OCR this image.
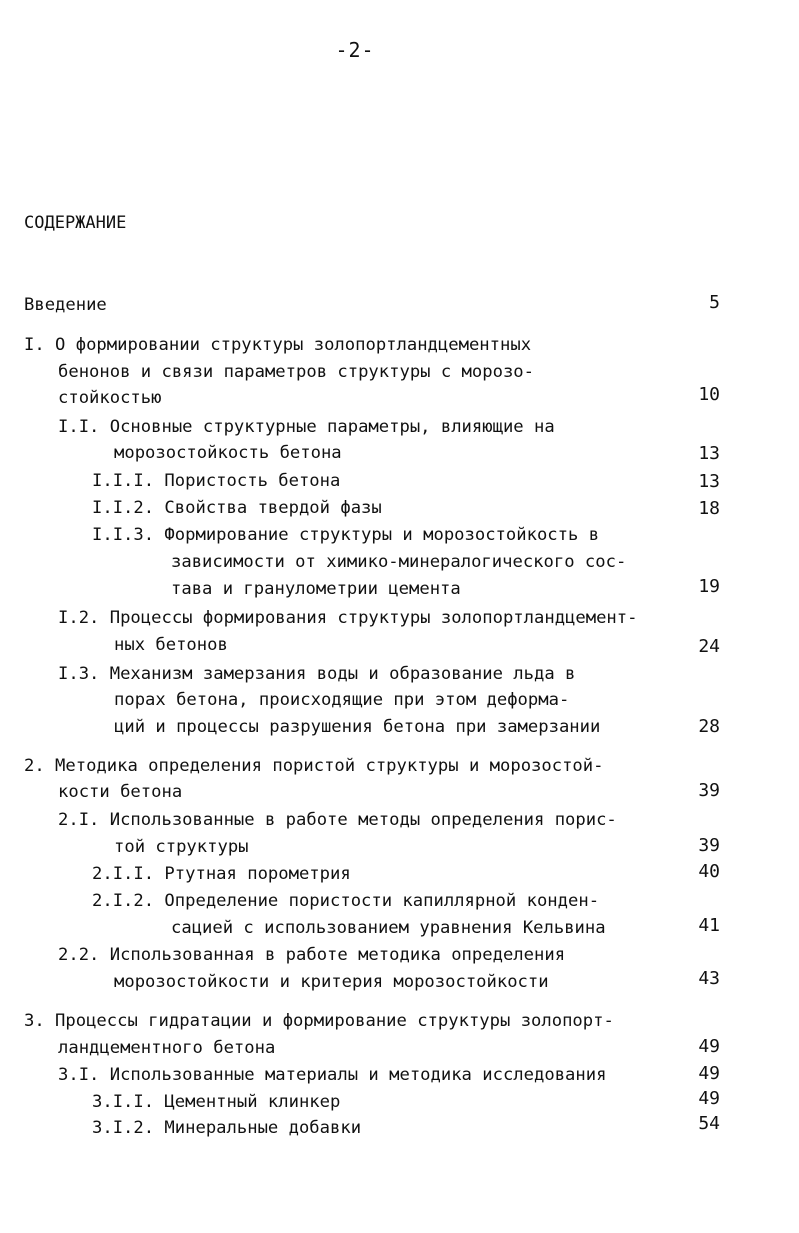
-2-
СОДЕРЖАНИЕ
Введение	5
I. О формировании структуры золопортландцементных
бенонов и связи параметров структуры с морозо-
стойкостью	10
I.I. Основные структурные параметры, влияющие на
морозостойкость бетона	13
I.I.I. Пористость бетона	13
I.I.2. Свойства твердой фазы	18
I.I.3. Формирование структуры и морозостойкость в
зависимости от химико-минералогического сос-
тава и гранулометрии цемента	19
I.2. Процессы формирования структуры золопортландцемент-
ных бетонов	24
I.3. Механизм замерзания воды и образование льда в
порах бетона, происходящие при этом деформа-
ций и процессы разрушения бетона при замерзании	28
2. Методика определения пористой структуры и морозостой-
кости бетона	39
2.I. Использованные в работе методы определения порис-
той структуры	39
2.I.I. Ртутная порометрия	40
2.I.2. Определение пористости капиллярной конден-
сацией с использованием уравнения Кельвина	41
2.2. Использованная в работе методика определения
морозостойкости и критерия морозостойкости	43
3. Процессы гидратации и формирование структуры золопорт-
ландцементного бетона	49
3.I. Использованные материалы и методика исследования	49
3.I.I. Цементный клинкер	49
3.I.2. Минеральные добавки	54
